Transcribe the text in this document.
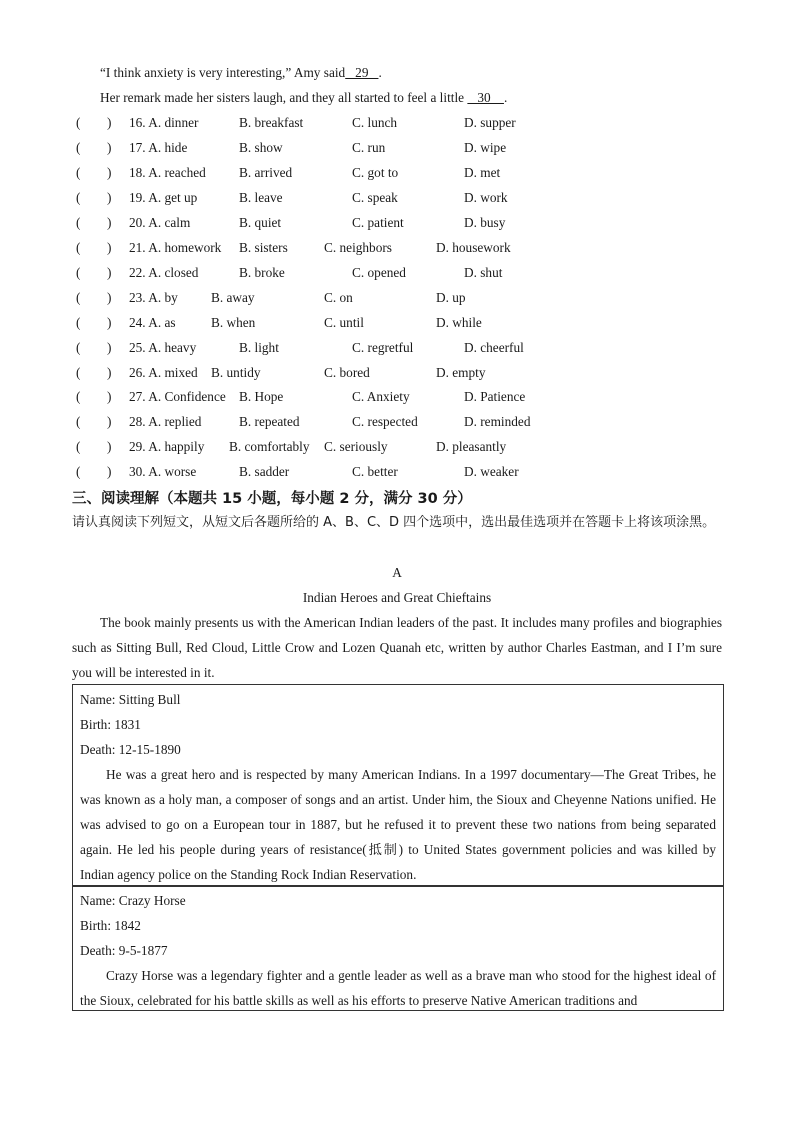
“I think anxiety is very interesting,” Amy said   29   .
Her remark made her sisters laugh, and they all started to feel a little    30    .
(        ) 16. A. dinner	B. breakfast	C. lunch	D. supper
(        ) 17. A. hide	B. show	C. run	D. wipe
(        ) 18. A. reached B. arrived	C. got to	D. met
(        ) 19. A. get up	B. leave	C. speak	D. work
(        ) 20. A. calm	B. quiet	C. patient	D. busy
(        ) 21. A. homework B. sisters	C. neighbors	D. housework
(        ) 22. A. closed	B. broke	C. opened	D. shut
(        ) 23. A. by B. away	C. on	D. up
(        ) 24. A. as	B. when	C. until	D. while
(        ) 25. A. heavy	B. light	C. regretful	D. cheerful
(        ) 26. A. mixed B. untidy	C. bored	D. empty
(        ) 27. A. Confidence B. Hope	C. Anxiety	D. Patience
(        ) 28. A. replied	B. repeated	C. respected	D. reminded
(        ) 29. A. happily B. comfortably C. seriously	D. pleasantly
(        ) 30. A. worse	B. sadder	C. better	D. weaker
三、阅读理解（本题共 15 小题，每小题 2 分，满分 30 分）
请认真阅读下列短文，从短文后各题所给的 A、B、C、D 四个选项中，选出最佳选项并在答题卡上将该项涂黑。
A
Indian Heroes and Great Chieftains
The book mainly presents us with the American Indian leaders of the past. It includes many profiles and biographies such as Sitting Bull, Red Cloud, Little Crow and Lozen Quanah etc, written by author Charles Eastman, and I I’m sure you will be interested in it.

Name: Sitting Bull

Birth: 1831

Death: 12-15-1890

He was a great hero and is respected by many American Indians. In a 1997 documentary—The Great Tribes, he was known as a holy man, a composer of songs and an artist. Under him, the Sioux and Cheyenne Nations unified. He was advised to go on a European tour in 1887, but he refused it to prevent these two nations from being separated again. He led his people during years of resistance(抵制) to United States government policies and was killed by Indian agency police on the Standing Rock Indian Reservation.

Name: Crazy Horse

Birth: 1842

Death: 9-5-1877

Crazy Horse was a legendary fighter and a gentle leader as well as a brave man who stood for the highest ideal of the Sioux, celebrated for his battle skills as well as his efforts to preserve Native American traditions and
